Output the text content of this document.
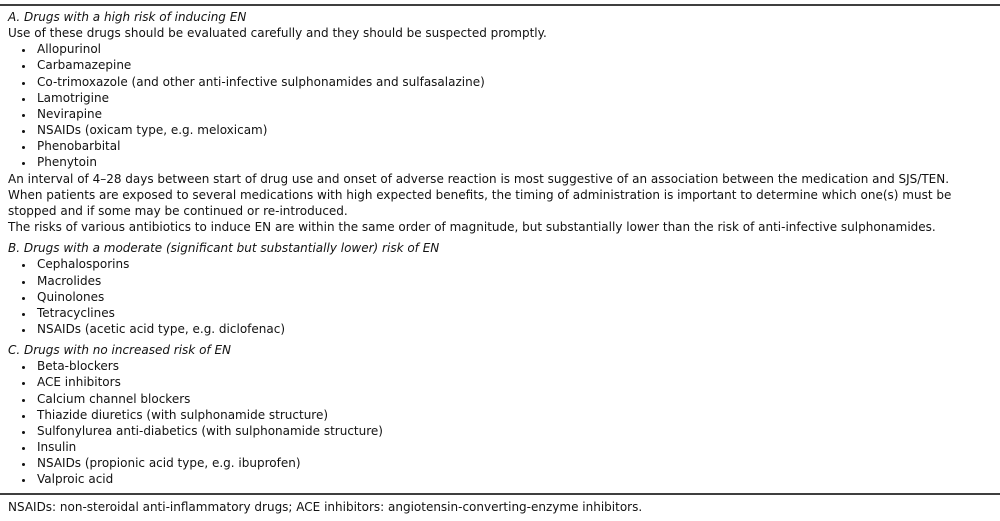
A. Drugs with a high risk of inducing EN

Use of these drugs should be evaluated carefully and they should be suspected promptly.

• Allopurinol
• Carbamazepine
• Co-trimoxazole (and other anti-infective sulphonamides and sulfasalazine)
• Lamotrigine
• Nevirapine
• NSAIDs (oxicam type, e.g. meloxicam)
• Phenobarbital
• Phenytoin

An interval of 4–28 days between start of drug use and onset of adverse reaction is most suggestive of an association between the medication and SJS/TEN.

When patients are exposed to several medications with high expected benefits, the timing of administration is important to determine which one(s) must be stopped and if some may be continued or re-introduced.

The risks of various antibiotics to induce EN are within the same order of magnitude, but substantially lower than the risk of anti-infective sulphonamides.

B. Drugs with a moderate (significant but substantially lower) risk of EN

• Cephalosporins
• Macrolides
• Quinolones
• Tetracyclines
• NSAIDs (acetic acid type, e.g. diclofenac)

C. Drugs with no increased risk of EN

• Beta-blockers
• ACE inhibitors
• Calcium channel blockers
• Thiazide diuretics (with sulphonamide structure)
• Sulfonylurea anti-diabetics (with sulphonamide structure)
• Insulin
• NSAIDs (propionic acid type, e.g. ibuprofen)
• Valproic acid

NSAIDs: non-steroidal anti-inflammatory drugs; ACE inhibitors: angiotensin-converting-enzyme inhibitors.
